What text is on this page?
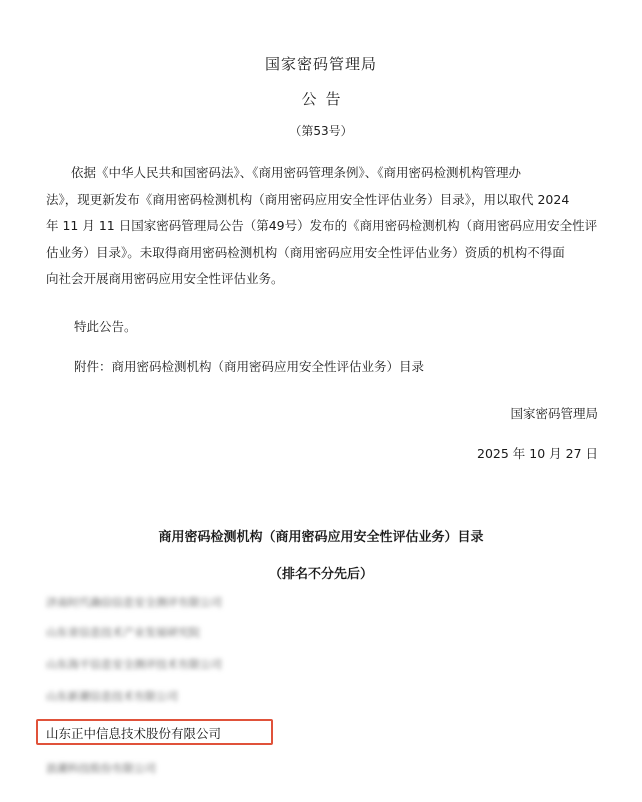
国家密码管理局
公告
（第53号）
　　依据《中华人民共和国密码法》、《商用密码管理条例》、《商用密码检测机构管理办
法》，现更新发布《商用密码检测机构（商用密码应用安全性评估业务）目录》，用以取代 2024
年 11 月 11 日国家密码管理局公告（第49号）发布的《商用密码检测机构（商用密码应用安全性评
估业务）目录》。未取得商用密码检测机构（商用密码应用安全性评估业务）资质的机构不得面
向社会开展商用密码应用安全性评估业务。
特此公告。
附件：商用密码检测机构（商用密码应用安全性评估业务）目录
国家密码管理局
2025 年 10 月 27 日
商用密码检测机构（商用密码应用安全性评估业务）目录
（排名不分先后）
济南时代确信信息安全测评有限公司
山东省信息技术产业发展研究院
山东海平信息安全测评技术有限公司
山东新潮信息技术有限公司
山东正中信息技术股份有限公司
浪潮科技股份有限公司
